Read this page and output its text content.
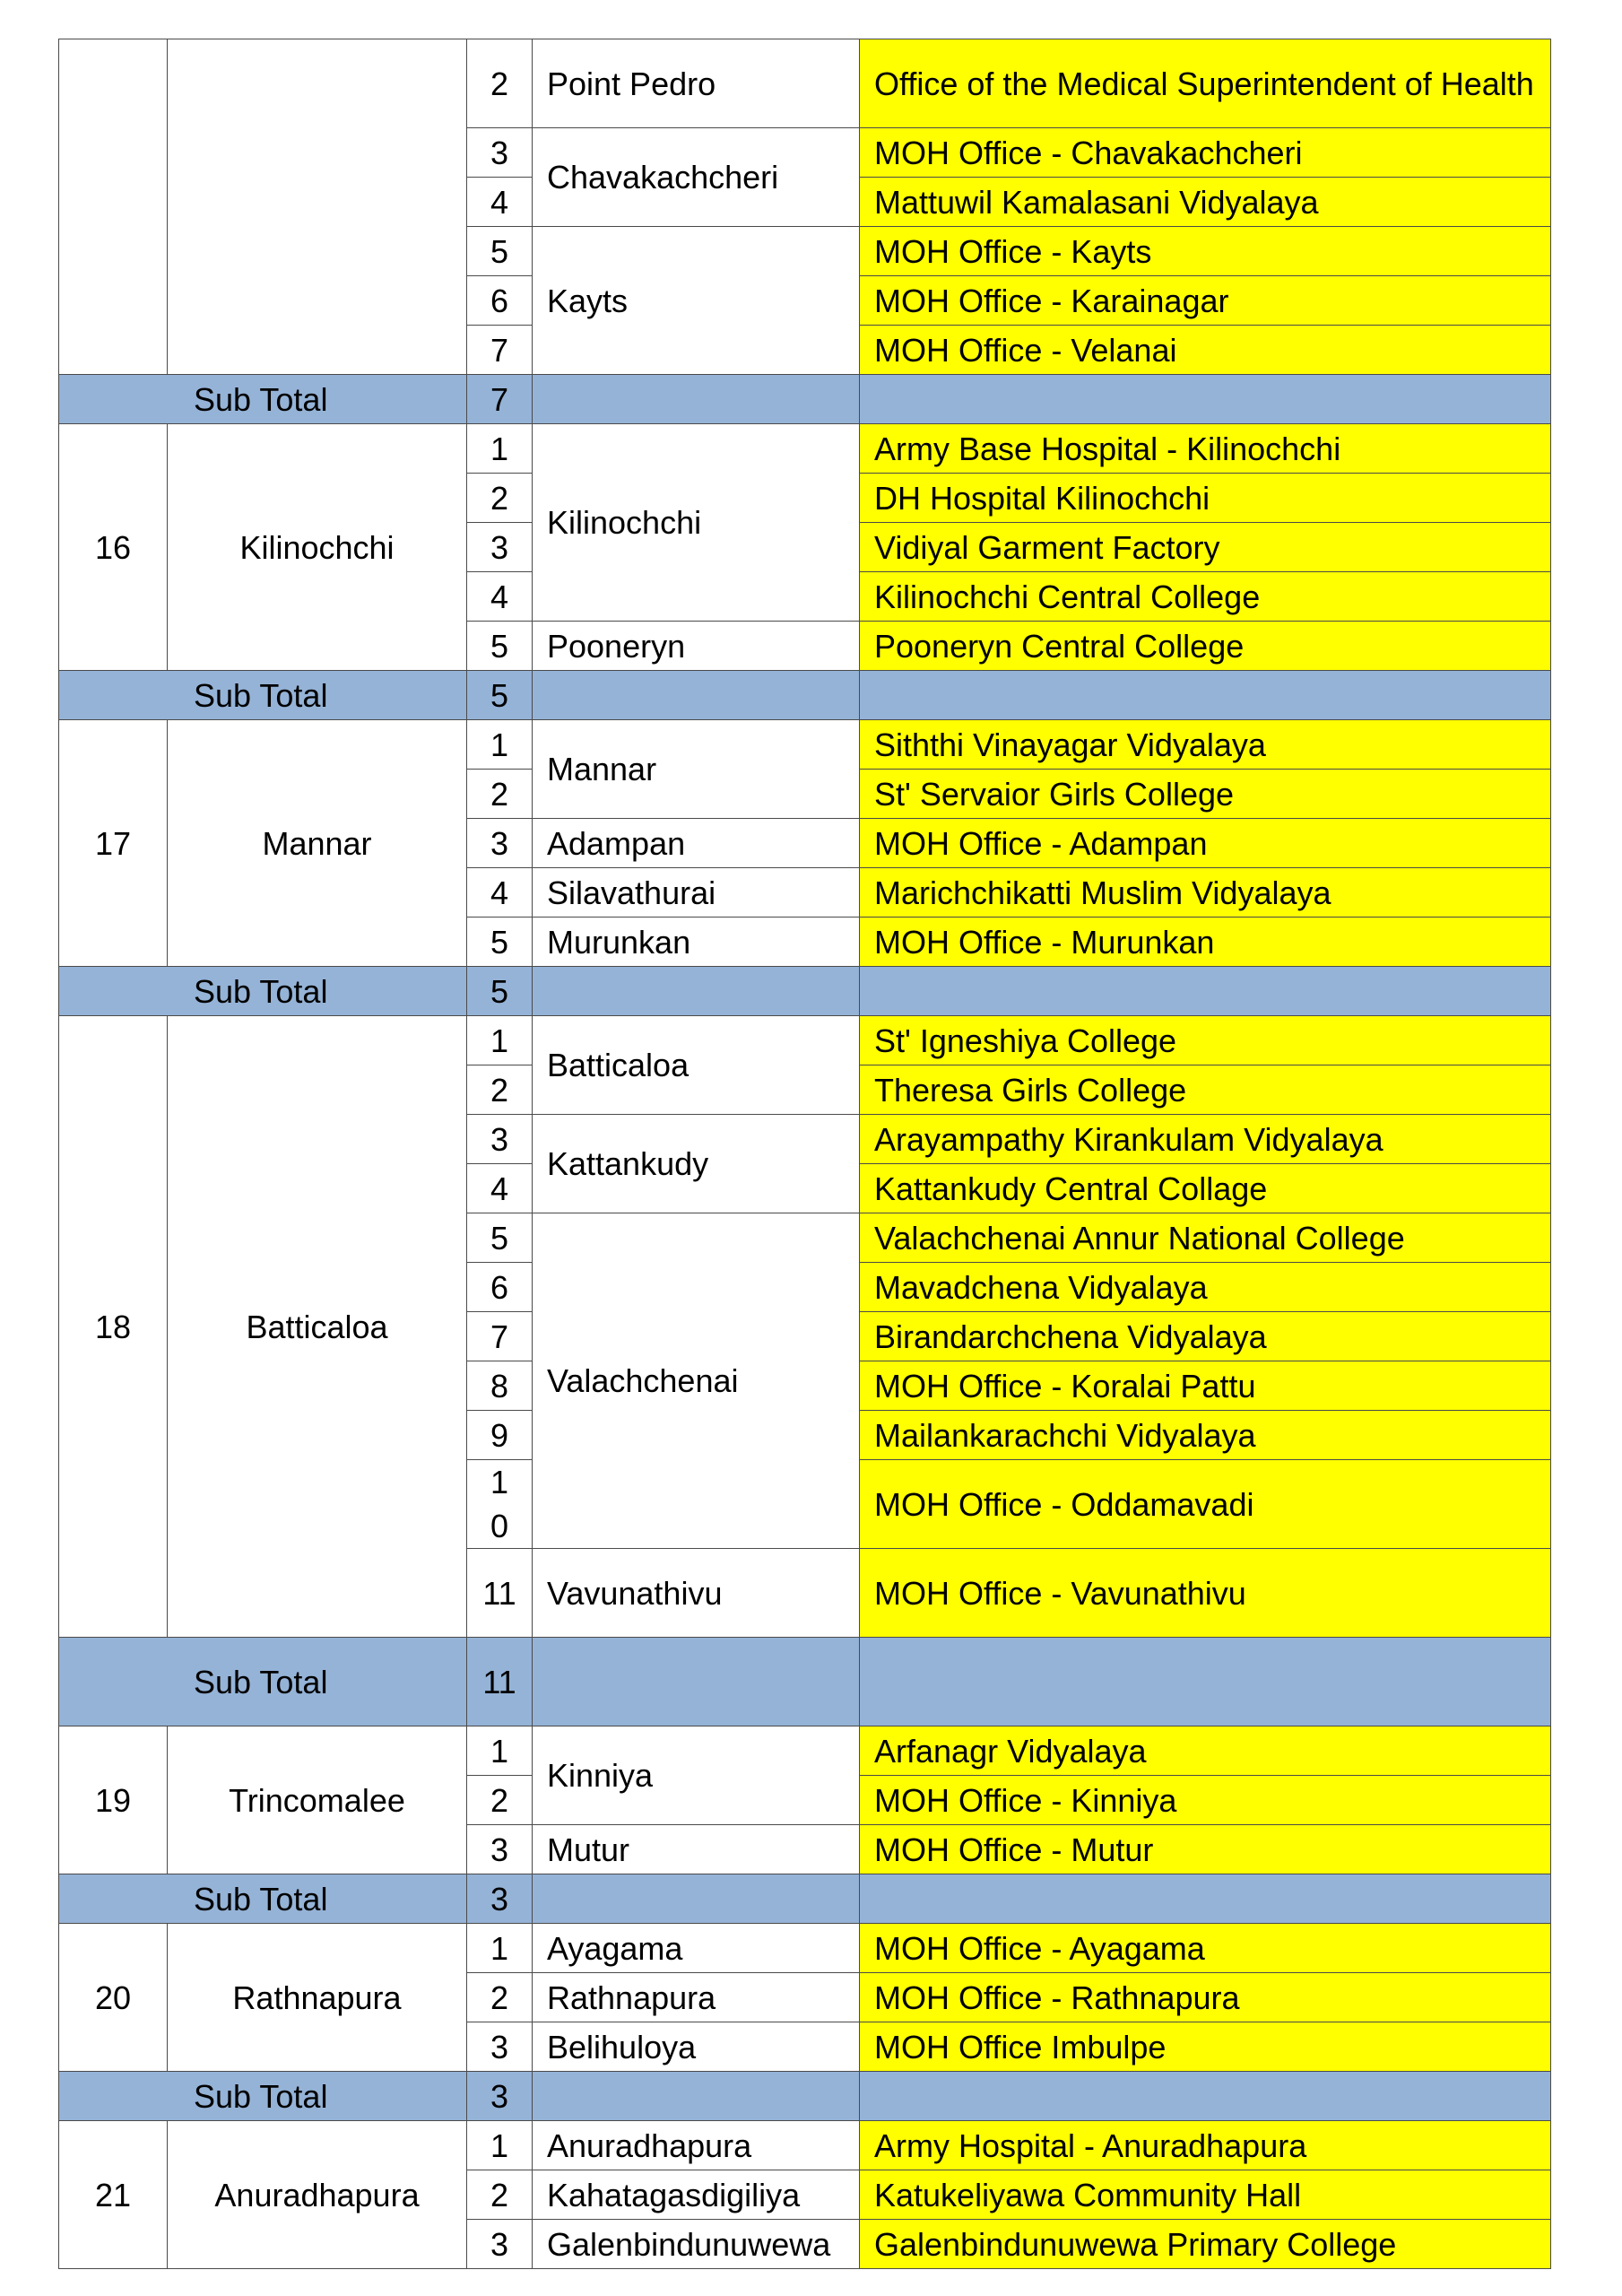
		2	Point Pedro	Office of the Medical Superintendent of Health
		3	Chavakachcheri	MOH Office - Chavakachcheri
		4		Mattuwil Kamalasani Vidyalaya
		5	Kayts	MOH Office - Kayts
		6		MOH Office - Karainagar
		7		MOH Office - Velanai
Sub Total		7		
16	Kilinochchi	1	Kilinochchi	Army Base Hospital - Kilinochchi
		2		DH Hospital Kilinochchi
		3		Vidiyal Garment Factory
		4		Kilinochchi Central College
		5	Pooneryn	Pooneryn Central College
Sub Total		5		
17	Mannar	1	Mannar	Siththi Vinayagar Vidyalaya
		2		St' Servaior Girls College
		3	Adampan	MOH Office - Adampan
		4	Silavathurai	Marichchikatti Muslim Vidyalaya
		5	Murunkan	MOH Office - Murunkan
Sub Total		5		
18	Batticaloa	1	Batticaloa	St' Igneshiya College
		2		Theresa Girls College
		3	Kattankudy	Arayampathy Kirankulam Vidyalaya
		4		Kattankudy Central Collage
		5	Valachchenai	Valachchenai Annur National College
		6		Mavadchena Vidyalaya
		7		Birandarchchena Vidyalaya
		8		MOH Office - Koralai Pattu
		9		Mailankarachchi Vidyalaya
		10		MOH Office - Oddamavadi
		11	Vavunathivu	MOH Office - Vavunathivu
Sub Total		11		
19	Trincomalee	1	Kinniya	Arfanagr Vidyalaya
		2		MOH Office - Kinniya
		3	Mutur	MOH Office - Mutur
Sub Total		3		
20	Rathnapura	1	Ayagama	MOH Office - Ayagama
		2	Rathnapura	MOH Office - Rathnapura
		3	Belihuloya	MOH Office Imbulpe
Sub Total		3		
21	Anuradhapura	1	Anuradhapura	Army Hospital - Anuradhapura
		2	Kahatagasdigiliya	Katukeliyawa Community Hall
		3	Galenbindunuwewa	Galenbindunuwewa Primary College
